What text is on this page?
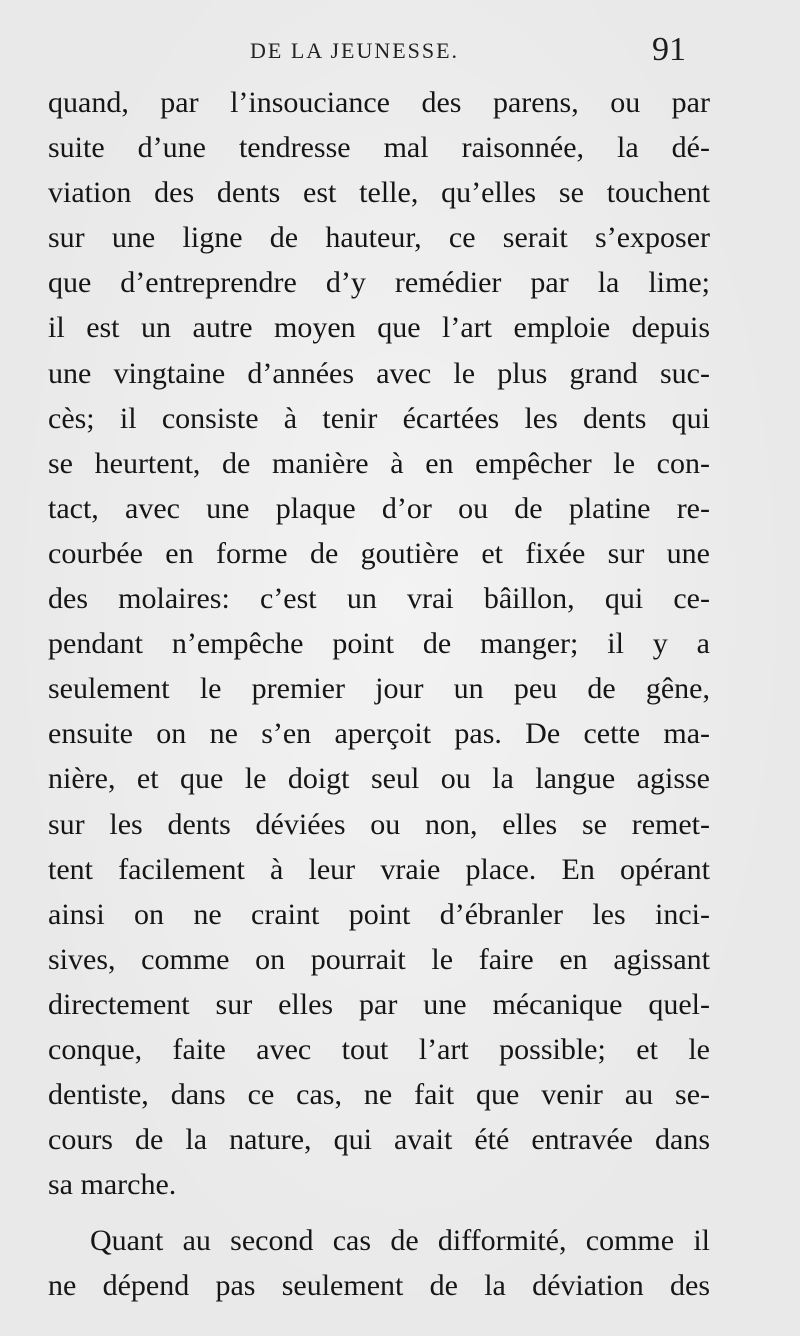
DE LA JEUNESSE.	91
quand, par l’insouciance des parens, ou par
suite d’une tendresse mal raisonnée, la dé-
viation des dents est telle, qu’elles se touchent
sur une ligne de hauteur, ce serait s’exposer
que d’entreprendre d’y remédier par la lime;
il est un autre moyen que l’art emploie depuis
une vingtaine d’années avec le plus grand suc-
cès; il consiste à tenir écartées les dents qui
se heurtent, de manière à en empêcher le con-
tact, avec une plaque d’or ou de platine re-
courbée en forme de goutière et fixée sur une
des molaires: c’est un vrai bâillon, qui ce-
pendant n’empêche point de manger; il y a
seulement le premier jour un peu de gêne,
ensuite on ne s’en aperçoit pas. De cette ma-
nière, et que le doigt seul ou la langue agisse
sur les dents déviées ou non, elles se remet-
tent facilement à leur vraie place. En opérant
ainsi on ne craint point d’ébranler les inci-
sives, comme on pourrait le faire en agissant
directement sur elles par une mécanique quel-
conque, faite avec tout l’art possible; et le
dentiste, dans ce cas, ne fait que venir au se-
cours de la nature, qui avait été entravée dans
sa marche.
Quant au second cas de difformité, comme il
ne dépend pas seulement de la déviation des
